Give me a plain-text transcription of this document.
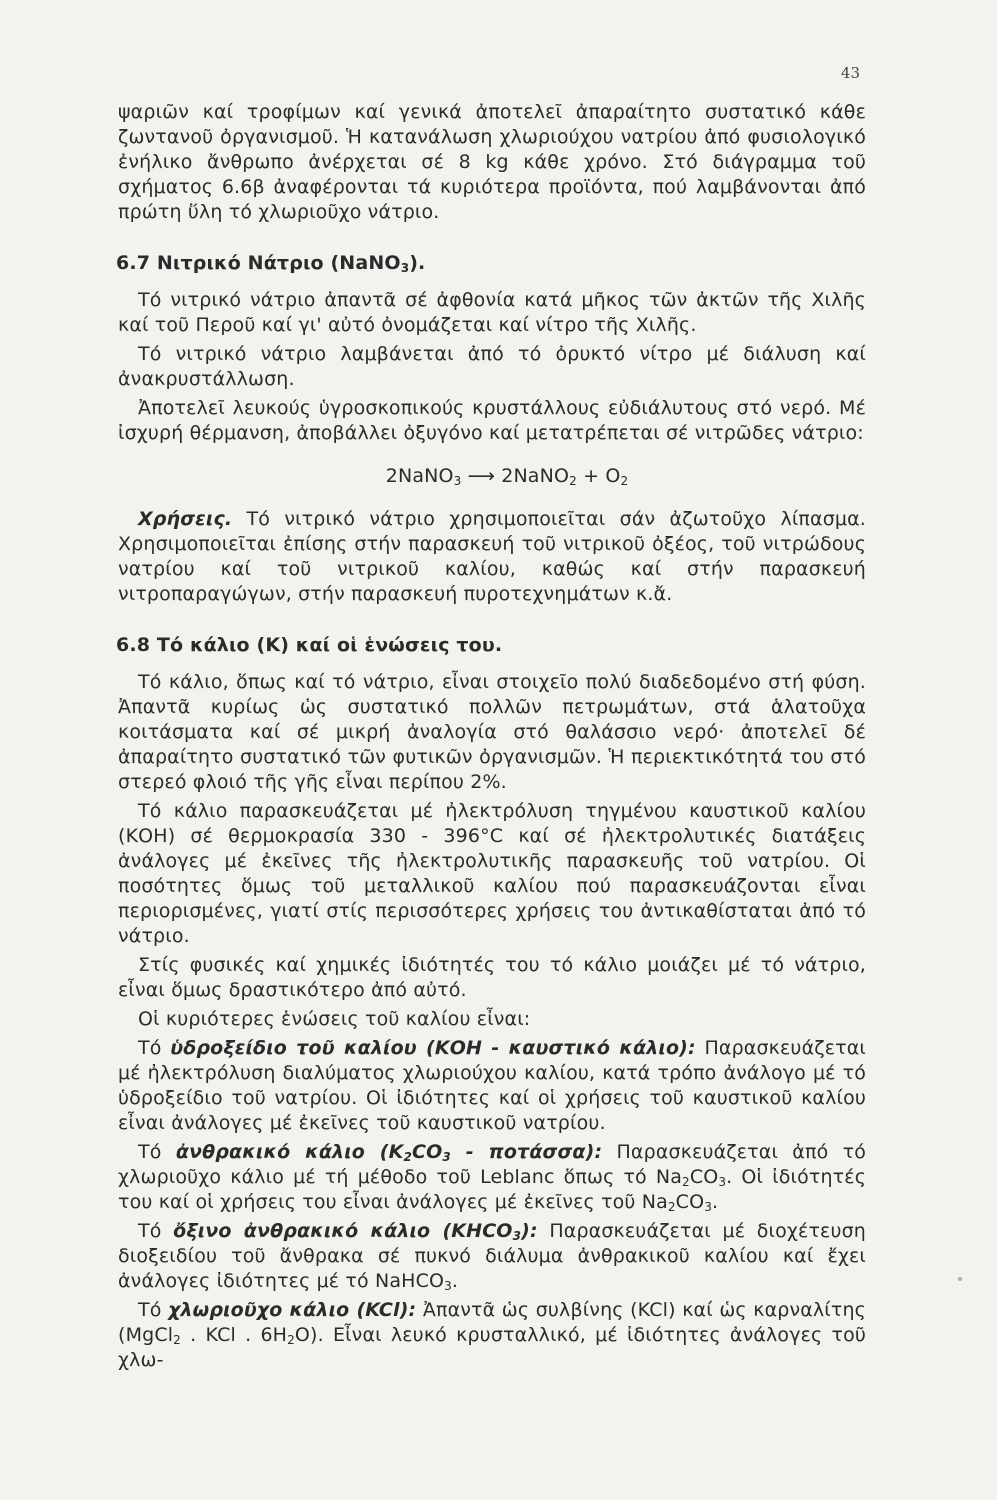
43

ψαριῶν καί τροφίμων καί γενικά ἀποτελεῖ ἀπαραίτητο συστατικό κάθε ζωντανοῦ ὀργανισμοῦ. Ἡ κατανάλωση χλωριούχου νατρίου ἀπό φυσιολογικό ἐνήλικο ἄνθρωπο ἀνέρχεται σέ 8 kg κάθε χρόνο. Στό διάγραμμα τοῦ σχήματος 6.6β ἀναφέρονται τά κυριότερα προϊόντα, πού λαμβάνονται ἀπό πρώτη ὕλη τό χλωριοῦχο νάτριο.

6.7 Νιτρικό Νάτριο (NaNO$_3$).

Τό νιτρικό νάτριο ἀπαντᾶ σέ ἀφθονία κατά μῆκος τῶν ἀκτῶν τῆς Χιλῆς καί τοῦ Περοῦ καί γι' αὐτό ὀνομάζεται καί νίτρο τῆς Χιλῆς.

Τό νιτρικό νάτριο λαμβάνεται ἀπό τό ὀρυκτό νίτρο μέ διάλυση καί ἀνακρυστάλλωση.

Ἀποτελεῖ λευκούς ὑγροσκοπικούς κρυστάλλους εὐδιάλυτους στό νερό. Μέ ἰσχυρή θέρμανση, ἀποβάλλει ὀξυγόνο καί μετατρέπεται σέ νιτρῶδες νάτριο:

2NaNO$_3$ ⟶ 2NaNO$_2$ + $O_2$

Χρήσεις. Τό νιτρικό νάτριο χρησιμοποιεῖται σάν ἀζωτοῦχο λίπασμα. Χρησιμοποιεῖται ἐπίσης στήν παρασκευή τοῦ νιτρικοῦ ὀξέος, τοῦ νιτρώδους νατρίου καί τοῦ νιτρικοῦ καλίου, καθώς καί στήν παρασκευή νιτροπαραγώγων, στήν παρασκευή πυροτεχνημάτων κ.ἄ.

6.8 Τό κάλιο (Κ) καί οἱ ἑνώσεις του.

Τό κάλιο, ὅπως καί τό νάτριο, εἶναι στοιχεῖο πολύ διαδεδομένο στή φύση. Ἀπαντᾶ κυρίως ὡς συστατικό πολλῶν πετρωμάτων, στά ἁλατοῦχα κοιτάσματα καί σέ μικρή ἀναλογία στό θαλάσσιο νερό· ἀποτελεῖ δέ ἀπαραίτητο συστατικό τῶν φυτικῶν ὀργανισμῶν. Ἡ περιεκτικότητά του στό στερεό φλοιό τῆς γῆς εἶναι περίπου 2%.

Τό κάλιο παρασκευάζεται μέ ἠλεκτρόλυση τηγμένου καυστικοῦ καλίου (ΚΟΗ) σέ θερμοκρασία 330 - 396°C καί σέ ἠλεκτρολυτικές διατάξεις ἀνάλογες μέ ἐκεῖνες τῆς ἠλεκτρολυτικῆς παρασκευῆς τοῦ νατρίου. Οἱ ποσότητες ὅμως τοῦ μεταλλικοῦ καλίου πού παρασκευάζονται εἶναι περιορισμένες, γιατί στίς περισσότερες χρήσεις του ἀντικαθίσταται ἀπό τό νάτριο.

Στίς φυσικές καί χημικές ἰδιότητές του τό κάλιο μοιάζει μέ τό νάτριο, εἶναι ὅμως δραστικότερο ἀπό αὐτό.

Οἱ κυριότερες ἑνώσεις τοῦ καλίου εἶναι:

Τό ὑδροξείδιο τοῦ καλίου (ΚΟΗ - καυστικό κάλιο): Παρασκευάζεται μέ ἠλεκτρόλυση διαλύματος χλωριούχου καλίου, κατά τρόπο ἀνάλογο μέ τό ὑδροξείδιο τοῦ νατρίου. Οἱ ἰδιότητες καί οἱ χρήσεις τοῦ καυστικοῦ καλίου εἶναι ἀνάλογες μέ ἐκεῖνες τοῦ καυστικοῦ νατρίου.

Τό ἀνθρακικό κάλιο $(K_2CO_3 - \pi o\tau ά\sigma\sigma\alpha)$: Παρασκευάζεται ἀπό τό χλωριοῦχο κάλιο μέ τή μέθοδο τοῦ Leblanc ὅπως τό $Na_2CO_3$. Οἱ ἰδιότητές του καί οἱ χρήσεις του εἶναι ἀνάλογες μέ ἐκεῖνες τοῦ $Na_2CO_3$.

Τό ὄξινο ἀνθρακικό κάλιο $(KHCO_3)$: Παρασκευάζεται μέ διοχέτευση διοξειδίου τοῦ ἄνθρακα σέ πυκνό διάλυμα ἀνθρακικοῦ καλίου καί ἔχει ἀνάλογες ἰδιότητες μέ τό NaHCO$_3$.

Τό χλωριοῦχο κάλιο (KCl): Ἀπαντᾶ ὡς συλβίνης (KCl) καί ὡς καρναλίτης (MgCl$_2$ . KCl . $6H_2O$). Εἶναι λευκό κρυσταλλικό, μέ ἰδιότητες ἀνάλογες τοῦ χλω-
